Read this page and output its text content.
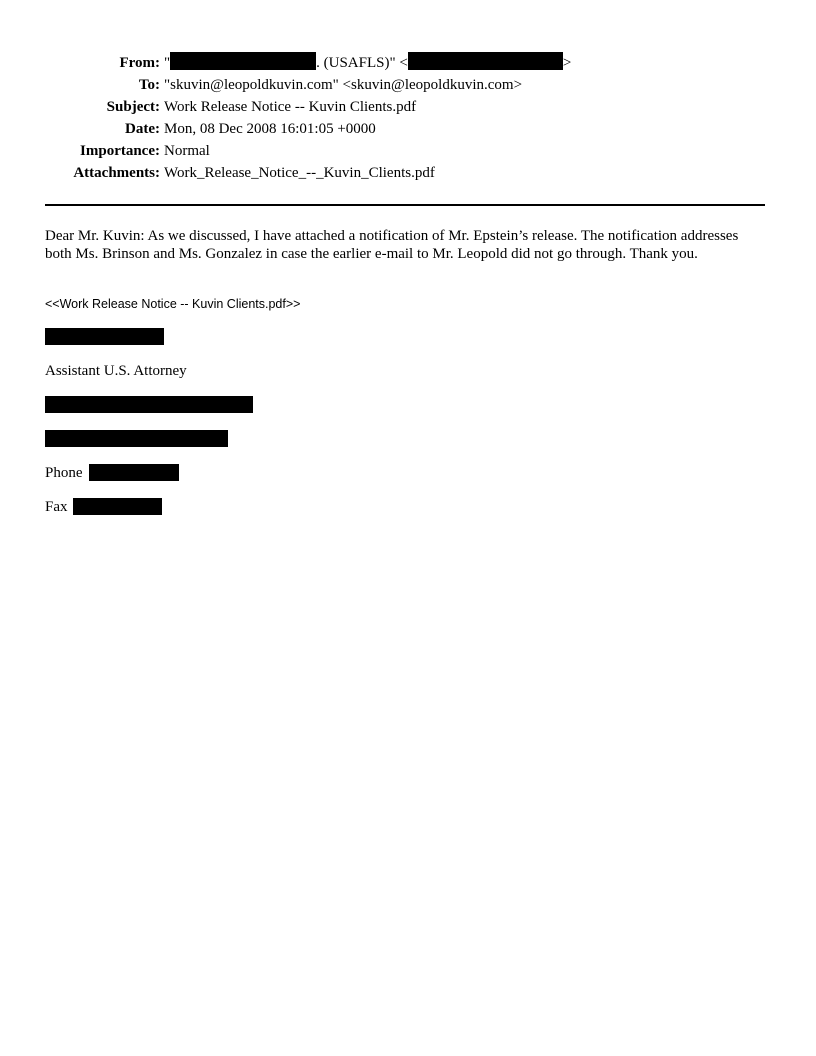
From: "	. (USAFLS)" <	>
To: "skuvin@leopoldkuvin.com" <skuvin@leopoldkuvin.com>
Subject: Work Release Notice -- Kuvin Clients.pdf
Date: Mon, 08 Dec 2008 16:01:05 +0000
Importance: Normal
Attachments: Work_Release_Notice_--_Kuvin_Clients.pdf
Dear Mr. Kuvin: As we discussed, I have attached a notification of Mr. Epstein’s release. The notification addresses both Ms. Brinson and Ms. Gonzalez in case the earlier e-mail to Mr. Leopold did not go through. Thank you.
<<Work Release Notice -- Kuvin Clients.pdf>>
Assistant U.S. Attorney
Phone
Fax
